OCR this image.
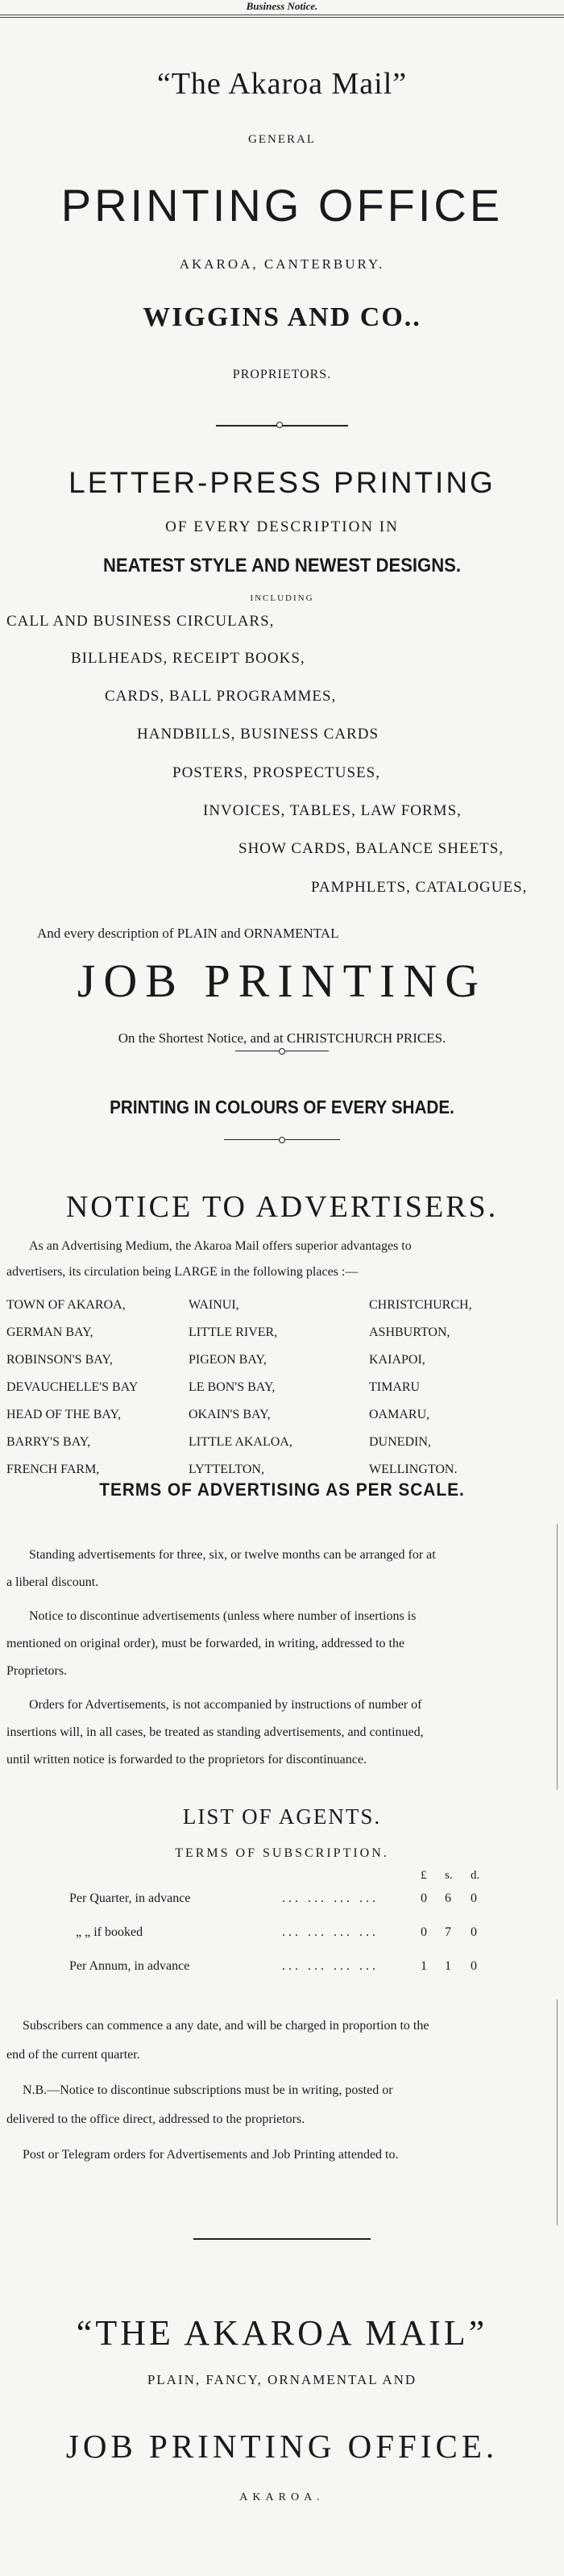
Business Notice.
“The Akaroa Mail”
GENERAL
PRINTING OFFICE
AKAROA, CANTERBURY.
WIGGINS AND CO..
PROPRIETORS.
LETTER-PRESS PRINTING
OF EVERY DESCRIPTION IN
NEATEST STYLE AND NEWEST DESIGNS.
INCLUDING
CALL AND BUSINESS CIRCULARS,
BILLHEADS, RECEIPT BOOKS,
CARDS, BALL PROGRAMMES,
HANDBILLS, BUSINESS CARDS
POSTERS, PROSPECTUSES,
INVOICES, TABLES, LAW FORMS,
SHOW CARDS, BALANCE SHEETS,
PAMPHLETS, CATALOGUES,
And every description of PLAIN and ORNAMENTAL
JOB PRINTING
On the Shortest Notice, and at CHRISTCHURCH PRICES.
PRINTING IN COLOURS OF EVERY SHADE.
NOTICE TO ADVERTISERS.
As an Advertising Medium, the Akaroa Mail offers superior advantages to
advertisers, its circulation being LARGE in the following places :—
TOWN OF AKAROA,	WAINUI,	CHRISTCHURCH,
GERMAN BAY,	LITTLE RIVER,	ASHBURTON,
ROBINSON'S BAY,	PIGEON BAY,	KAIAPOI,
DEVAUCHELLE'S BAY	LE BON'S BAY,	TIMARU
HEAD OF THE BAY,	OKAIN'S BAY,	OAMARU,
BARRY'S BAY,	LITTLE AKALOA,	DUNEDIN,
FRENCH FARM,	LYTTELTON,	WELLINGTON.
TERMS OF ADVERTISING AS PER SCALE.
Standing advertisements for three, six, or twelve months can be arranged for at
a liberal discount.
Notice to discontinue advertisements (unless where number of insertions is
mentioned on original order), must be forwarded, in writing, addressed to the
Proprietors.
Orders for Advertisements, is not accompanied by instructions of number of
insertions will, in all cases, be treated as standing advertisements, and continued,
until written notice is forwarded to the proprietors for discontinuance.
LIST OF AGENTS.
TERMS OF SUBSCRIPTION.
£ s. d.
Per Quarter, in advance	... ... ... ...	0	6	0
„ „ if booked	... ... ... ...	0	7	0
Per Annum, in advance	... ... ... ...	1	1	0
Subscribers can commence a any date, and will be charged in proportion to the
end of the current quarter.
N.B.—Notice to discontinue subscriptions must be in writing, posted or
delivered to the office direct, addressed to the proprietors.
Post or Telegram orders for Advertisements and Job Printing attended to.
“THE AKAROA MAIL”
PLAIN, FANCY, ORNAMENTAL AND
JOB PRINTING OFFICE.
AKAROA.
